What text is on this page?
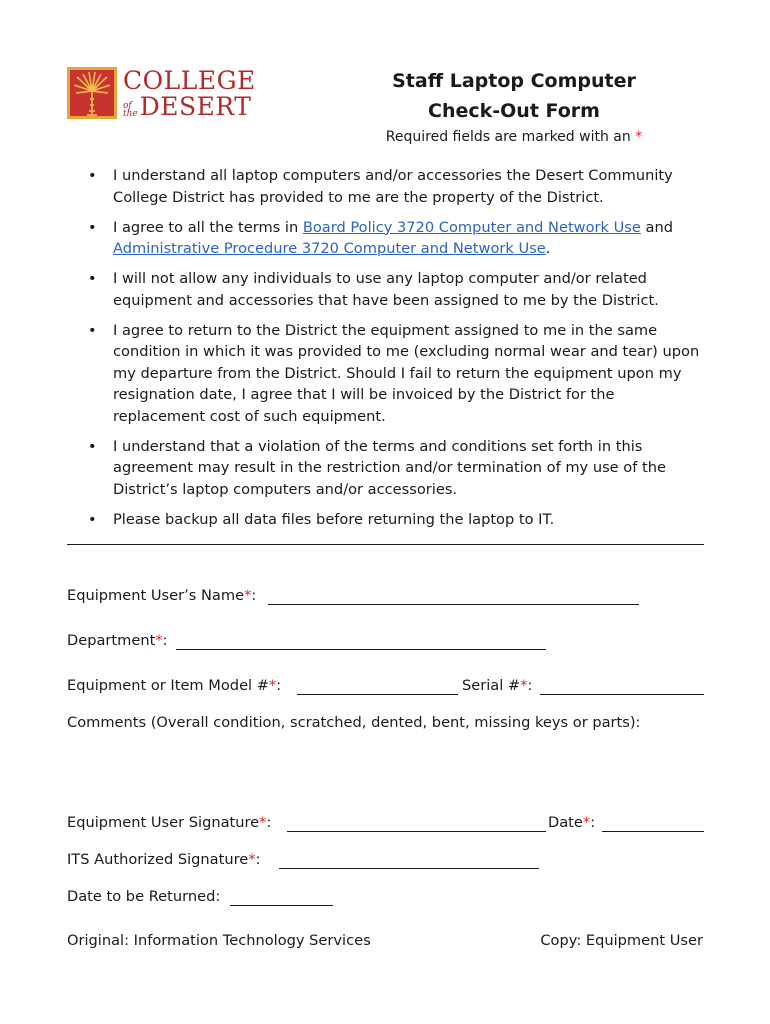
COLLEGE
of
the DESERT
Staff Laptop Computer
Check-Out Form
Required fields are marked with an *
• I understand all laptop computers and/or accessories the Desert Community College District has provided to me are the property of the District.
• I agree to all the terms in Board Policy 3720 Computer and Network Use and Administrative Procedure 3720 Computer and Network Use.
• I will not allow any individuals to use any laptop computer and/or related equipment and accessories that have been assigned to me by the District.
• I agree to return to the District the equipment assigned to me in the same condition in which it was provided to me (excluding normal wear and tear) upon my departure from the District. Should I fail to return the equipment upon my resignation date, I agree that I will be invoiced by the District for the replacement cost of such equipment.
• I understand that a violation of the terms and conditions set forth in this agreement may result in the restriction and/or termination of my use of the District’s laptop computers and/or accessories.
• Please backup all data files before returning the laptop to IT.
Equipment User’s Name*:
Department*:
Equipment or Item Model #*:	Serial #*:
Comments (Overall condition, scratched, dented, bent, missing keys or parts):
Equipment User Signature*:	Date*:
ITS Authorized Signature*:
Date to be Returned:
Original: Information Technology Services	Copy: Equipment User
